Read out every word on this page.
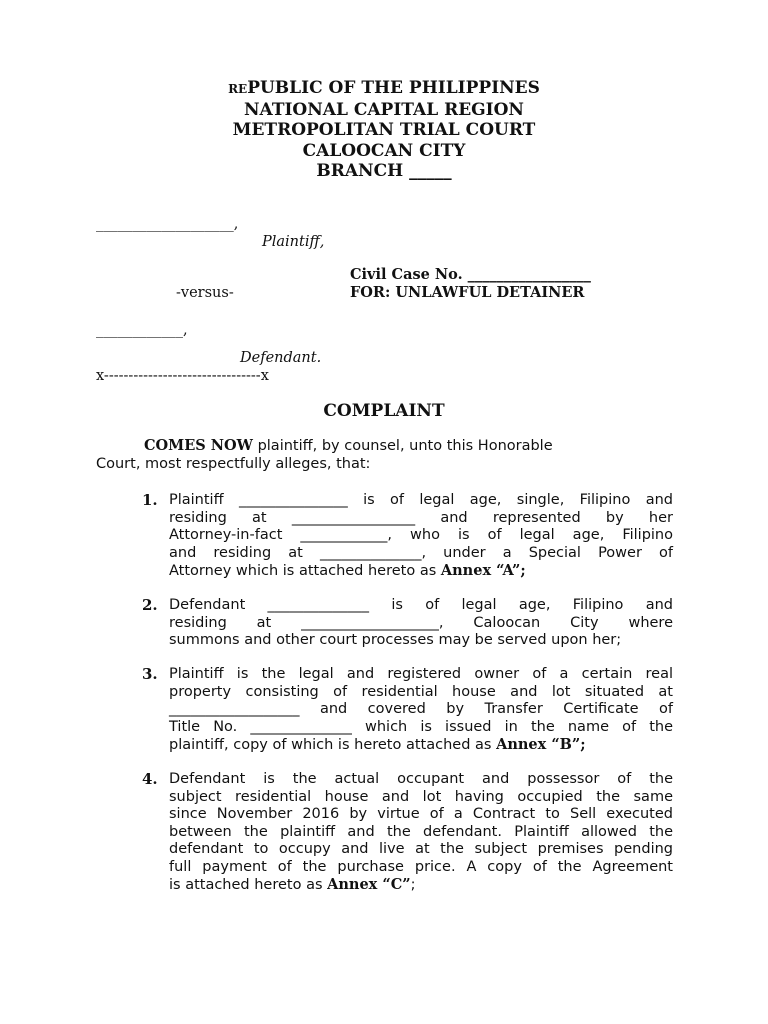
REPUBLIC OF THE PHILIPPINES
NATIONAL CAPITAL REGION
METROPOLITAN TRIAL COURT
CALOOCAN CITY
BRANCH _____
___________________,
Plaintiff,
Civil Case No. _________________
-versus-	FOR: UNLAWFUL DETAINER
____________,
Defendant.
x--------------------------------x
COMPLAINT
COMES NOW plaintiff, by counsel, unto this Honorable
Court, most respectfully alleges, that:
1. Plaintiff _______________ is of legal age, single, Filipino and
residing at _________________ and represented by her
Attorney-in-fact ____________, who is of legal age, Filipino
and residing at ______________, under a Special Power of
Attorney which is attached hereto as Annex “A”;
2. Defendant ______________ is of legal age, Filipino and
residing at ___________________, Caloocan City where
summons and other court processes may be served upon her;
3. Plaintiff is the legal and registered owner of a certain real
property consisting of residential house and lot situated at
__________________ and covered by Transfer Certificate of
Title No. ______________ which is issued in the name of the
plaintiff, copy of which is hereto attached as Annex “B”;
4. Defendant is the actual occupant and possessor of the
subject residential house and lot having occupied the same
since November 2016 by virtue of a Contract to Sell executed
between the plaintiff and the defendant. Plaintiff allowed the
defendant to occupy and live at the subject premises pending
full payment of the purchase price. A copy of the Agreement
is attached hereto as Annex “C”;
